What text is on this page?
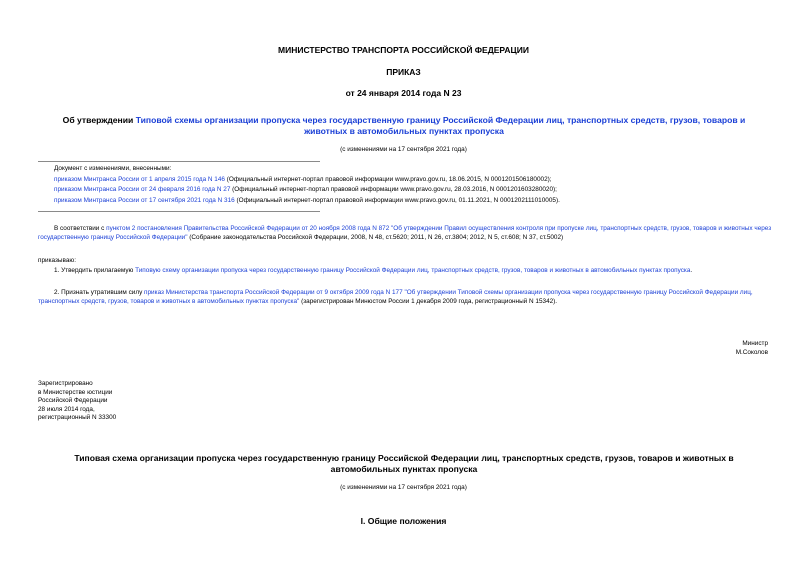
МИНИСТЕРСТВО ТРАНСПОРТА РОССИЙСКОЙ ФЕДЕРАЦИИ
ПРИКАЗ
от 24 января 2014 года N 23
Об утверждении Типовой схемы организации пропуска через государственную границу Российской Федерации лиц, транспортных средств, грузов, товаров и животных в автомобильных пунктах пропуска
(с изменениями на 17 сентября 2021 года)
Документ с изменениями, внесенными:
приказом Минтранса России от 1 апреля 2015 года N 146 (Официальный интернет-портал правовой информации www.pravo.gov.ru, 18.06.2015, N 0001201506180002);
приказом Минтранса России от 24 февраля 2016 года N 27 (Официальный интернет-портал правовой информации www.pravo.gov.ru, 28.03.2016, N 0001201603280020);
приказом Минтранса России от 17 сентября 2021 года N 316 (Официальный интернет-портал правовой информации www.pravo.gov.ru, 01.11.2021, N 0001202111010005).
В соответствии с пунктом 2 постановления Правительства Российской Федерации от 20 ноября 2008 года N 872 "Об утверждении Правил осуществления контроля при пропуске лиц, транспортных средств, грузов, товаров и животных через государственную границу Российской Федерации" (Собрание законодательства Российской Федерации, 2008, N 48, ст.5620; 2011, N 26, ст.3804; 2012, N 5, ст.608; N 37, ст.5002)
приказываю:
1. Утвердить прилагаемую Типовую схему организации пропуска через государственную границу Российской Федерации лиц, транспортных средств, грузов, товаров и животных в автомобильных пунктах пропуска.
2. Признать утратившим силу приказ Министерства транспорта Российской Федерации от 9 октября 2009 года N 177 "Об утверждении Типовой схемы организации пропуска через государственную границу Российской Федерации лиц, транспортных средств, грузов, товаров и животных в автомобильных пунктах пропуска" (зарегистрирован Минюстом России 1 декабря 2009 года, регистрационный N 15342).
Министр
М.Соколов
Зарегистрировано
в Министерстве юстиции
Российской Федерации
28 июля 2014 года,
регистрационный N 33300
Типовая схема организации пропуска через государственную границу Российской Федерации лиц, транспортных средств, грузов, товаров и животных в автомобильных пунктах пропуска
(с изменениями на 17 сентября 2021 года)
I. Общие положения
